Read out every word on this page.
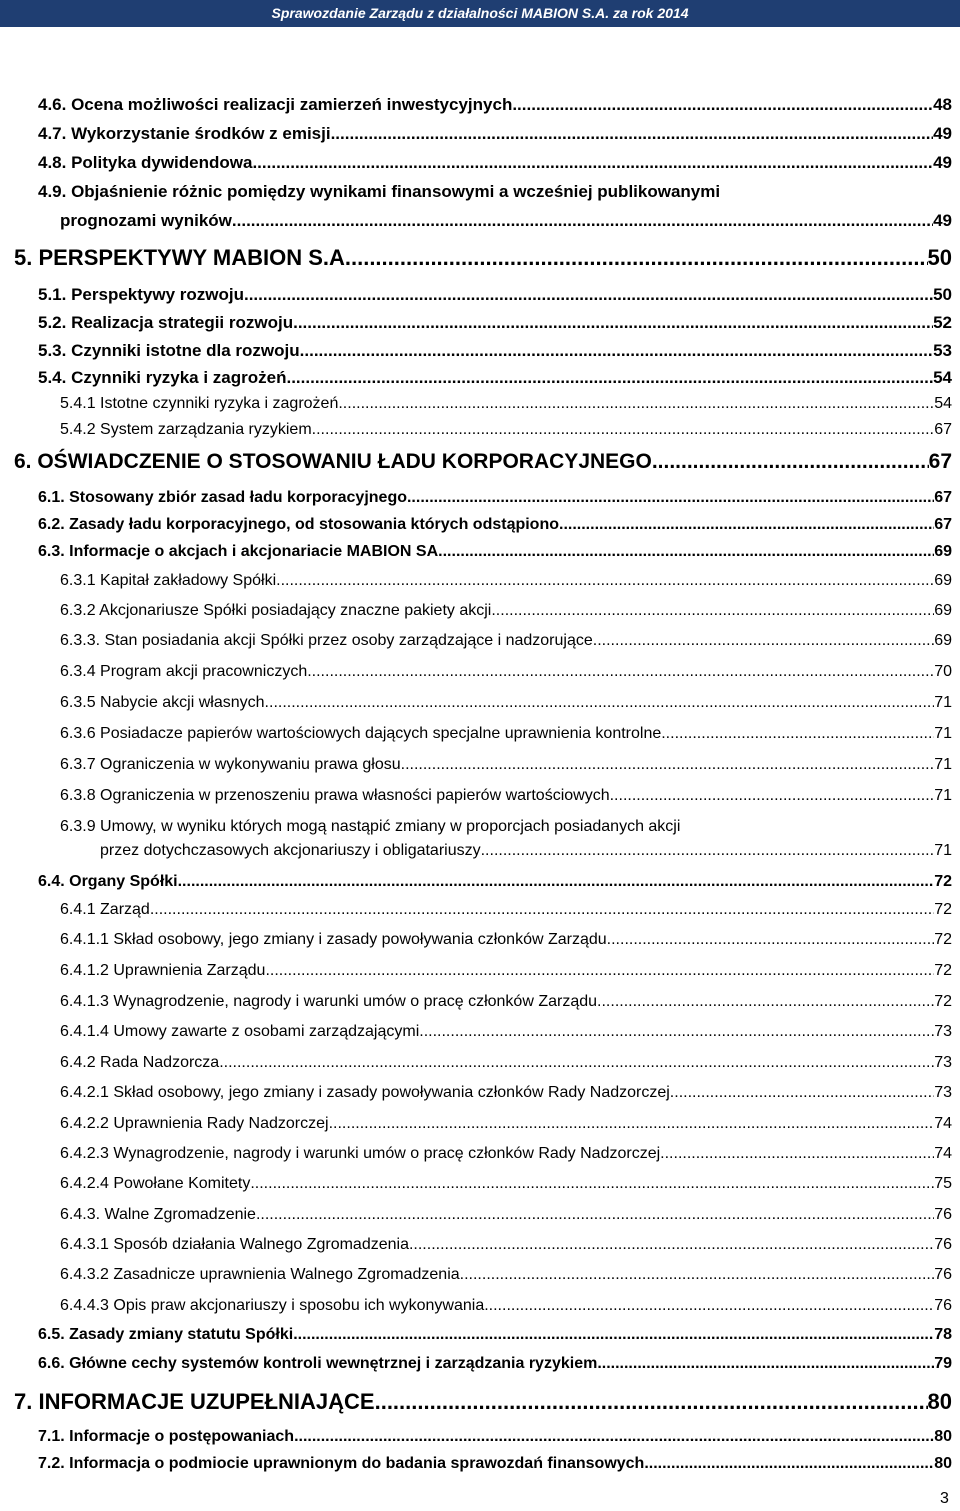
Sprawozdanie Zarządu z działalności MABION S.A. za rok 2014
4.6. Ocena możliwości realizacji zamierzeń inwestycyjnych .....	48
4.7. Wykorzystanie środków z emisji .....	49
4.8. Polityka dywidendowa .....	49
4.9. Objaśnienie różnic pomiędzy wynikami finansowymi a wcześniej publikowanymi
prognozami wyników .....	49
5. PERSPEKTYWY MABION S.A. .....	50
5.1. Perspektywy rozwoju .....	50
5.2. Realizacja strategii rozwoju .....	52
5.3. Czynniki istotne dla rozwoju .....	53
5.4. Czynniki ryzyka i zagrożeń .....	54
5.4.1 Istotne czynniki ryzyka i zagrożeń .....	54
5.4.2 System zarządzania ryzykiem .....	67
6. OŚWIADCZENIE O STOSOWANIU ŁADU KORPORACYJNEGO .....	67
6.1. Stosowany zbiór zasad ładu korporacyjnego .....	67
6.2. Zasady ładu korporacyjnego, od stosowania których odstąpiono .....	67
6.3. Informacje o akcjach i akcjonariacie MABION SA .....	69
6.3.1 Kapitał zakładowy Spółki .....	69
6.3.2 Akcjonariusze Spółki posiadający znaczne pakiety akcji .....	69
6.3.3. Stan posiadania akcji Spółki przez osoby zarządzające i nadzorujące .....	69
6.3.4 Program akcji pracowniczych .....	70
6.3.5 Nabycie akcji własnych .....	71
6.3.6 Posiadacze papierów wartościowych dających specjalne uprawnienia kontrolne .....	71
6.3.7 Ograniczenia w wykonywaniu prawa głosu .....	71
6.3.8 Ograniczenia w przenoszeniu prawa własności papierów wartościowych .....	71
6.3.9 Umowy, w wyniku których mogą nastąpić zmiany w proporcjach posiadanych akcji
przez dotychczasowych akcjonariuszy i obligatariuszy .....	71
6.4. Organy Spółki .....	72
6.4.1 Zarząd .....	72
6.4.1.1 Skład osobowy, jego zmiany i zasady powoływania członków Zarządu .....	72
6.4.1.2 Uprawnienia Zarządu .....	72
6.4.1.3 Wynagrodzenie, nagrody i warunki umów o pracę członków Zarządu .....	72
6.4.1.4 Umowy zawarte z osobami zarządzającymi .....	73
6.4.2 Rada Nadzorcza .....	73
6.4.2.1 Skład osobowy, jego zmiany i zasady powoływania członków Rady Nadzorczej .....	73
6.4.2.2 Uprawnienia Rady Nadzorczej .....	74
6.4.2.3 Wynagrodzenie, nagrody i warunki umów o pracę członków Rady Nadzorczej .....	74
6.4.2.4 Powołane Komitety .....	75
6.4.3. Walne Zgromadzenie .....	76
6.4.3.1 Sposób działania Walnego Zgromadzenia .....	76
6.4.3.2 Zasadnicze uprawnienia Walnego Zgromadzenia .....	76
6.4.4.3 Opis praw akcjonariuszy i sposobu ich wykonywania .....	76
6.5. Zasady zmiany statutu Spółki .....	78
6.6. Główne cechy systemów kontroli wewnętrznej i zarządzania ryzykiem .....	79
7. INFORMACJE UZUPEŁNIAJĄCE .....	80
7.1. Informacje o postępowaniach .....	80
7.2. Informacja o podmiocie uprawnionym do badania sprawozdań finansowych .....	80
3
